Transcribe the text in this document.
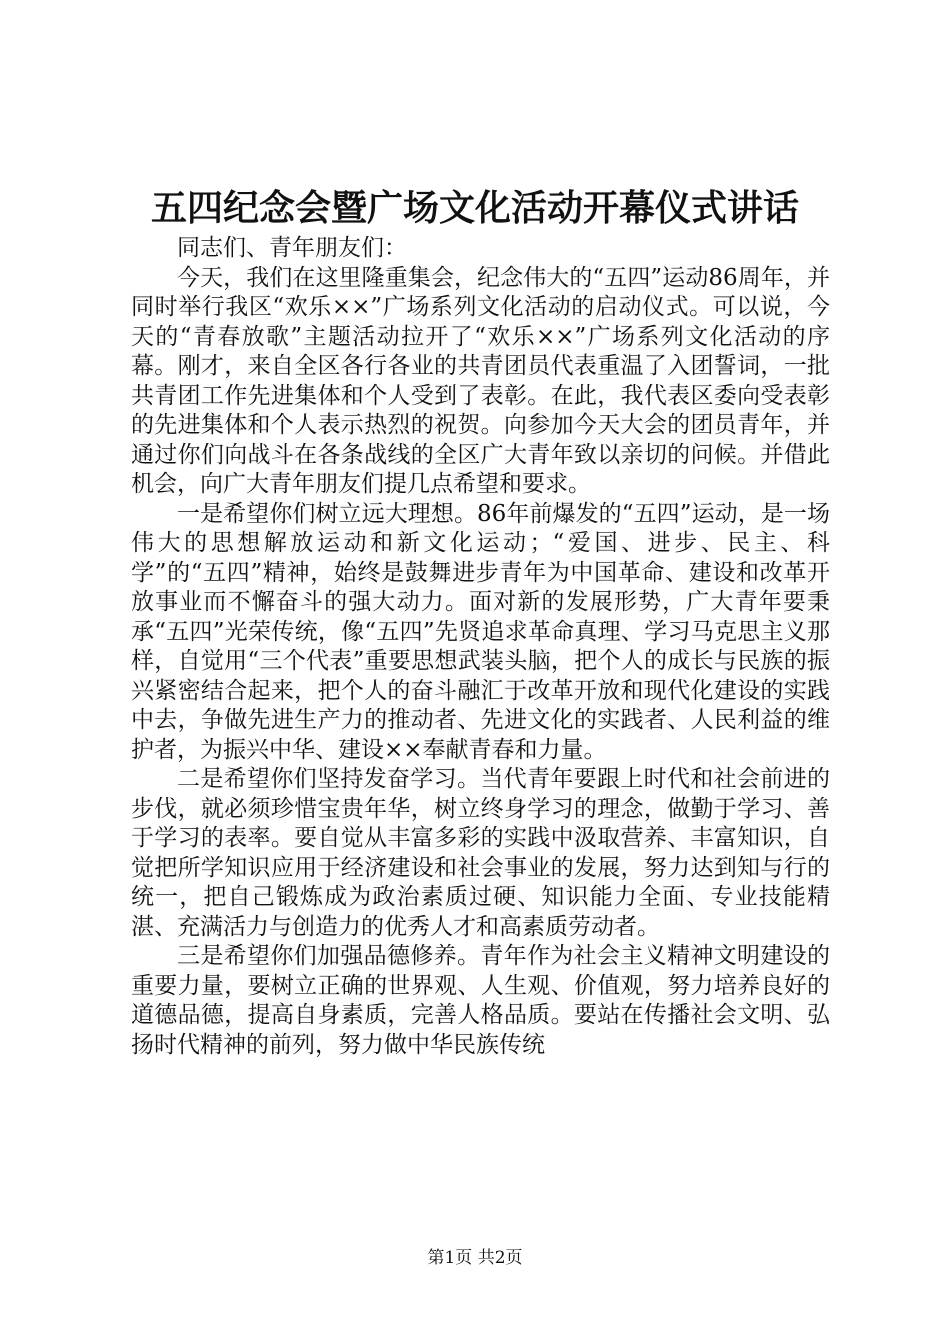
五四纪念会暨广场文化活动开幕仪式讲话

同志们、青年朋友们：

今天，我们在这里隆重集会，纪念伟大的“五四”运动86周年，并同时举行我区“欢乐××”广场系列文化活动的启动仪式。可以说，今天的“青春放歌”主题活动拉开了“欢乐××”广场系列文化活动的序幕。刚才，来自全区各行各业的共青团员代表重温了入团誓词，一批共青团工作先进集体和个人受到了表彰。在此，我代表区委向受表彰的先进集体和个人表示热烈的祝贺。向参加今天大会的团员青年，并通过你们向战斗在各条战线的全区广大青年致以亲切的问候。并借此机会，向广大青年朋友们提几点希望和要求。

一是希望你们树立远大理想。86年前爆发的“五四”运动，是一场伟大的思想解放运动和新文化运动；“爱国、进步、民主、科学”的“五四”精神，始终是鼓舞进步青年为中国革命、建设和改革开放事业而不懈奋斗的强大动力。面对新的发展形势，广大青年要秉承“五四”光荣传统，像“五四”先贤追求革命真理、学习马克思主义那样，自觉用“三个代表”重要思想武装头脑，把个人的成长与民族的振兴紧密结合起来，把个人的奋斗融汇于改革开放和现代化建设的实践中去，争做先进生产力的推动者、先进文化的实践者、人民利益的维护者，为振兴中华、建设××奉献青春和力量。

二是希望你们坚持发奋学习。当代青年要跟上时代和社会前进的步伐，就必须珍惜宝贵年华，树立终身学习的理念，做勤于学习、善于学习的表率。要自觉从丰富多彩的实践中汲取营养、丰富知识，自觉把所学知识应用于经济建设和社会事业的发展，努力达到知与行的统一，把自己锻炼成为政治素质过硬、知识能力全面、专业技能精湛、充满活力与创造力的优秀人才和高素质劳动者。

三是希望你们加强品德修养。青年作为社会主义精神文明建设的重要力量，要树立正确的世界观、人生观、价值观，努力培养良好的道德品德，提高自身素质，完善人格品质。要站在传播社会文明、弘扬时代精神的前列，努力做中华民族传统

第1页 共2页
